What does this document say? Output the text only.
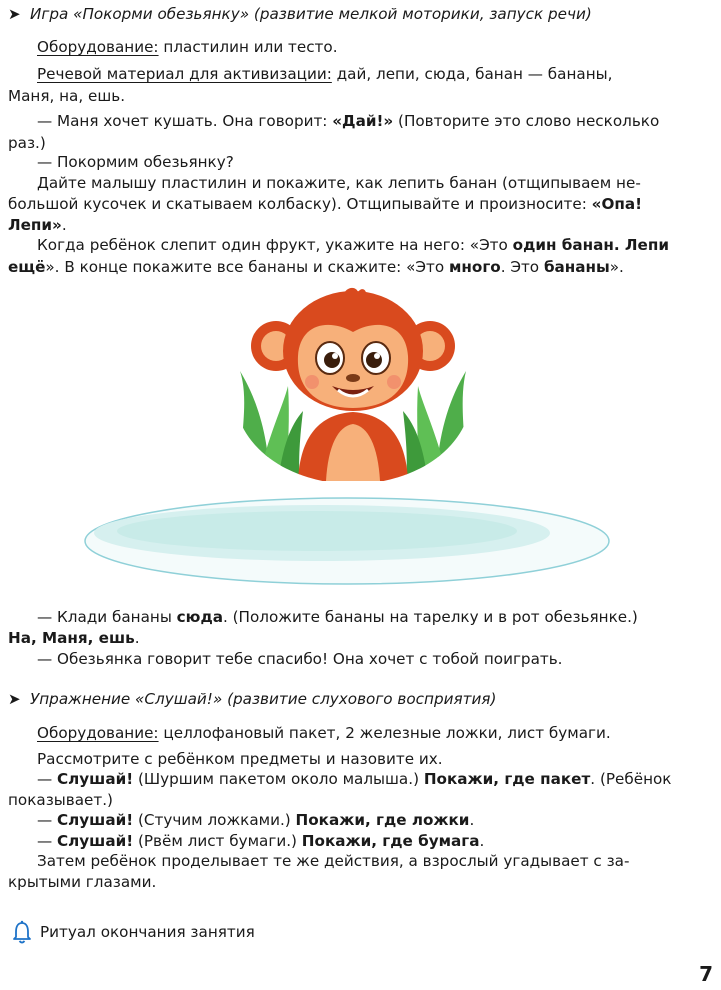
➤ Игра «Покорми обезьянку» (развитие мелкой моторики, запуск речи)
Оборудование: пластилин или тесто.
Речевой материал для активизации: дай, лепи, сюда, банан — бананы,
Маня, на, ешь.
— Маня хочет кушать. Она говорит: «Дай!» (Повторите это слово несколько
раз.)
— Покормим обезьянку?
Дайте малышу пластилин и покажите, как лепить банан (отщипываем не-
большой кусочек и скатываем колбаску). Отщипывайте и произносите: «Опа!
Лепи».
Когда ребёнок слепит один фрукт, укажите на него: «Это один банан. Лепи
ещё». В конце покажите все бананы и скажите: «Это много. Это бананы».
— Клади бананы сюда. (Положите бананы на тарелку и в рот обезьянке.)
На, Маня, ешь.
— Обезьянка говорит тебе спасибо! Она хочет с тобой поиграть.
➤ Упражнение «Слушай!» (развитие слухового восприятия)
Оборудование: целлофановый пакет, 2 железные ложки, лист бумаги.
Рассмотрите с ребёнком предметы и назовите их.
— Слушай! (Шуршим пакетом около малыша.) Покажи, где пакет. (Ребёнок
показывает.)
— Слушай! (Стучим ложками.) Покажи, где ложки.
— Слушай! (Рвём лист бумаги.) Покажи, где бумага.
Затем ребёнок проделывает те же действия, а взрослый угадывает с за-
крытыми глазами.
Ритуал окончания занятия
7
